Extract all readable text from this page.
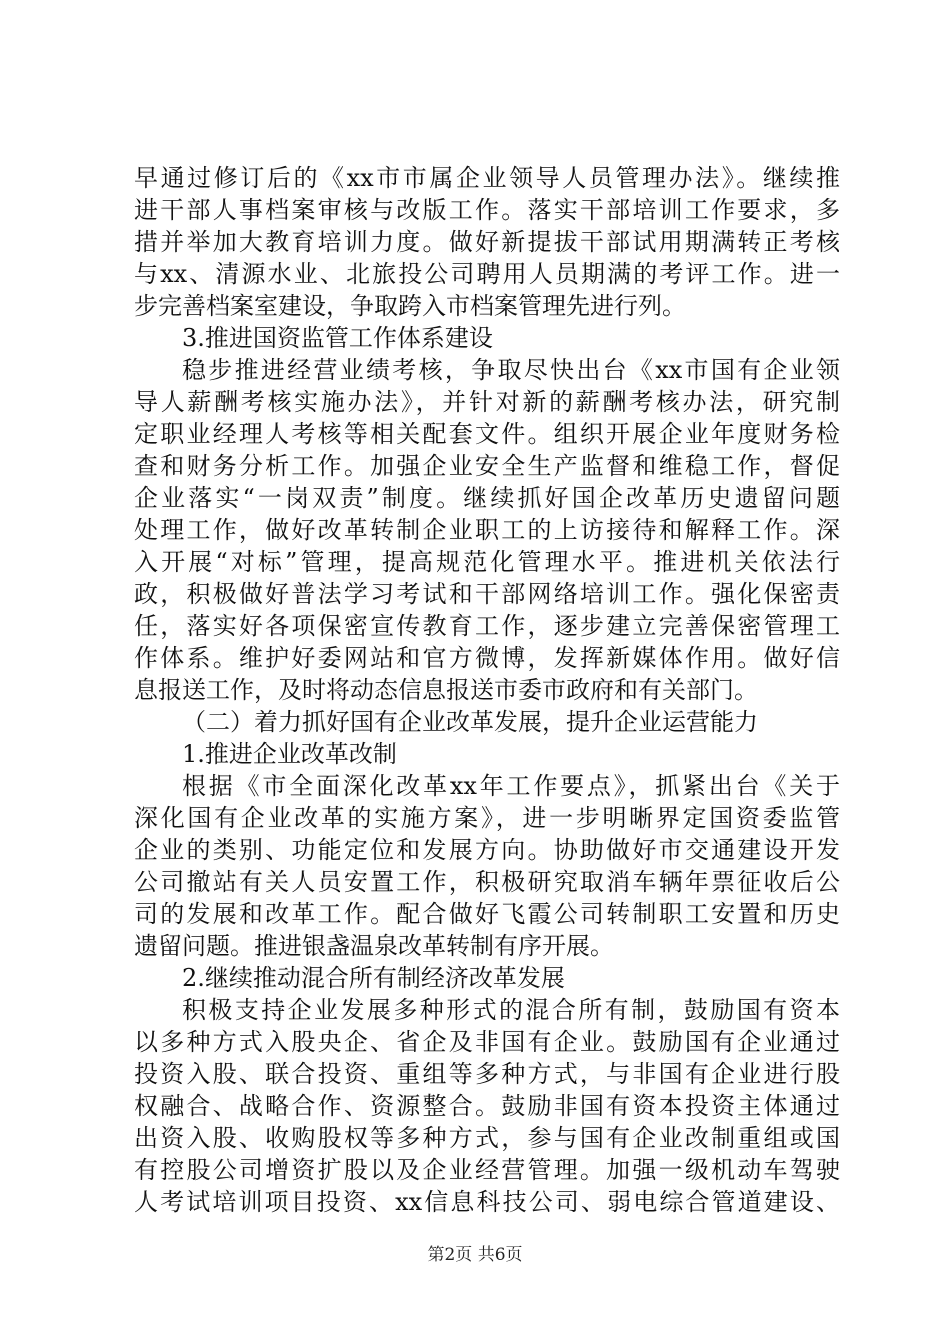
早通过修订后的《xx市市属企业领导人员管理办法》。继续推
进干部人事档案审核与改版工作。落实干部培训工作要求，多
措并举加大教育培训力度。做好新提拔干部试用期满转正考核
与xx、清源水业、北旅投公司聘用人员期满的考评工作。进一
步完善档案室建设，争取跨入市档案管理先进行列。
3.推进国资监管工作体系建设
稳步推进经营业绩考核，争取尽快出台《xx市国有企业领
导人薪酬考核实施办法》，并针对新的薪酬考核办法，研究制
定职业经理人考核等相关配套文件。组织开展企业年度财务检
查和财务分析工作。加强企业安全生产监督和维稳工作，督促
企业落实“一岗双责”制度。继续抓好国企改革历史遗留问题
处理工作，做好改革转制企业职工的上访接待和解释工作。深
入开展“对标”管理，提高规范化管理水平。推进机关依法行
政，积极做好普法学习考试和干部网络培训工作。强化保密责
任，落实好各项保密宣传教育工作，逐步建立完善保密管理工
作体系。维护好委网站和官方微博，发挥新媒体作用。做好信
息报送工作，及时将动态信息报送市委市政府和有关部门。
（二）着力抓好国有企业改革发展，提升企业运营能力
1.推进企业改革改制
根据《市全面深化改革xx年工作要点》，抓紧出台《关于
深化国有企业改革的实施方案》，进一步明晰界定国资委监管
企业的类别、功能定位和发展方向。协助做好市交通建设开发
公司撤站有关人员安置工作，积极研究取消车辆年票征收后公
司的发展和改革工作。配合做好飞霞公司转制职工安置和历史
遗留问题。推进银盏温泉改革转制有序开展。
2.继续推动混合所有制经济改革发展
积极支持企业发展多种形式的混合所有制，鼓励国有资本
以多种方式入股央企、省企及非国有企业。鼓励国有企业通过
投资入股、联合投资、重组等多种方式，与非国有企业进行股
权融合、战略合作、资源整合。鼓励非国有资本投资主体通过
出资入股、收购股权等多种方式，参与国有企业改制重组或国
有控股公司增资扩股以及企业经营管理。加强一级机动车驾驶
人考试培训项目投资、xx信息科技公司、弱电综合管道建设、
第2页 共6页
